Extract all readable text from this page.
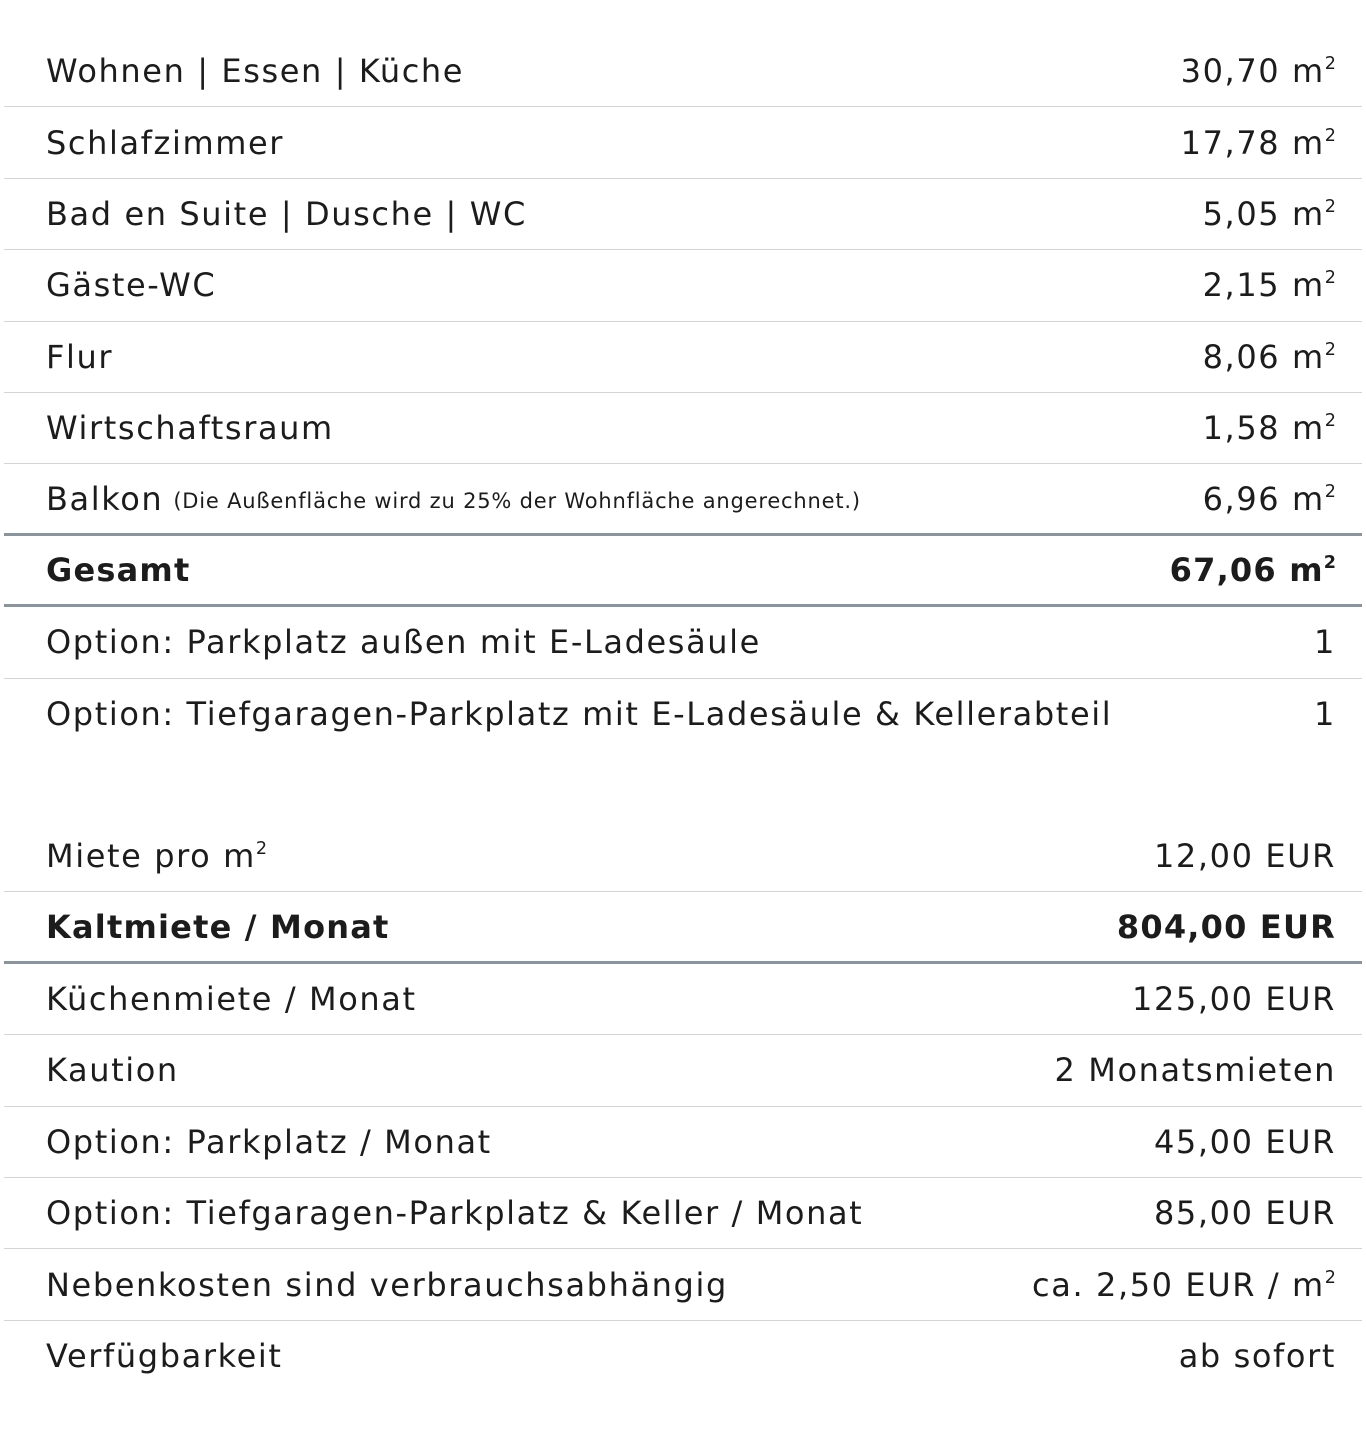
Wohnen | Essen | Küche	30,70 $m^2$
Schlafzimmer	17,78 $m^2$
Bad en Suite | Dusche | WC	5,05 $m^2$
Gäste-WC	2,15 $m^2$
Flur	8,06 $m^2$
Wirtschaftsraum	1,58 $m^2$
Balkon (Die Außenfläche wird zu 25% der Wohnfläche angerechnet.)	6,96 $m^2$
Gesamt	67,06 $m^2$
Option: Parkplatz außen mit E-Ladesäule	1
Option: Tiefgaragen-Parkplatz mit E-Ladesäule & Kellerabteil	1
Miete pro $m^2$	12,00 EUR
Kaltmiete / Monat	804,00 EUR
Küchenmiete / Monat	125,00 EUR
Kaution	2 Monatsmieten
Option: Parkplatz / Monat	45,00 EUR
Option: Tiefgaragen-Parkplatz & Keller / Monat	85,00 EUR
Nebenkosten sind verbrauchsabhängig	ca. 2,50 EUR / $m^2$
Verfügbarkeit	ab sofort
